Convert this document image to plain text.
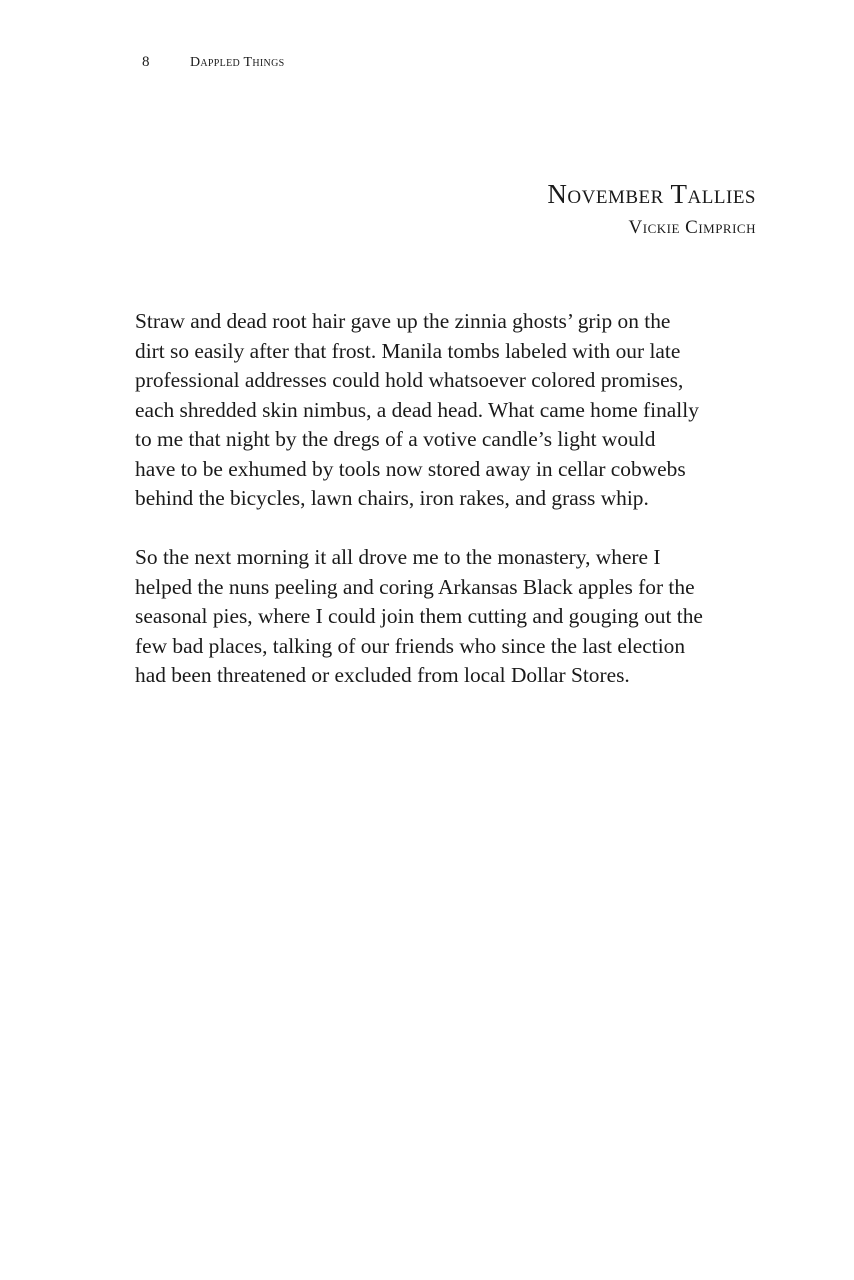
8	Dappled Things
November Tallies
Vickie Cimprich

Straw and dead root hair gave up the zinnia ghosts’ grip on the
dirt so easily after that frost. Manila tombs labeled with our late
professional addresses could hold whatsoever colored promises,
each shredded skin nimbus, a dead head. What came home finally
to me that night by the dregs of a votive candle’s light would
have to be exhumed by tools now stored away in cellar cobwebs
behind the bicycles, lawn chairs, iron rakes, and grass whip.

So the next morning it all drove me to the monastery, where I
helped the nuns peeling and coring Arkansas Black apples for the
seasonal pies, where I could join them cutting and gouging out the
few bad places, talking of our friends who since the last election
had been threatened or excluded from local Dollar Stores.
